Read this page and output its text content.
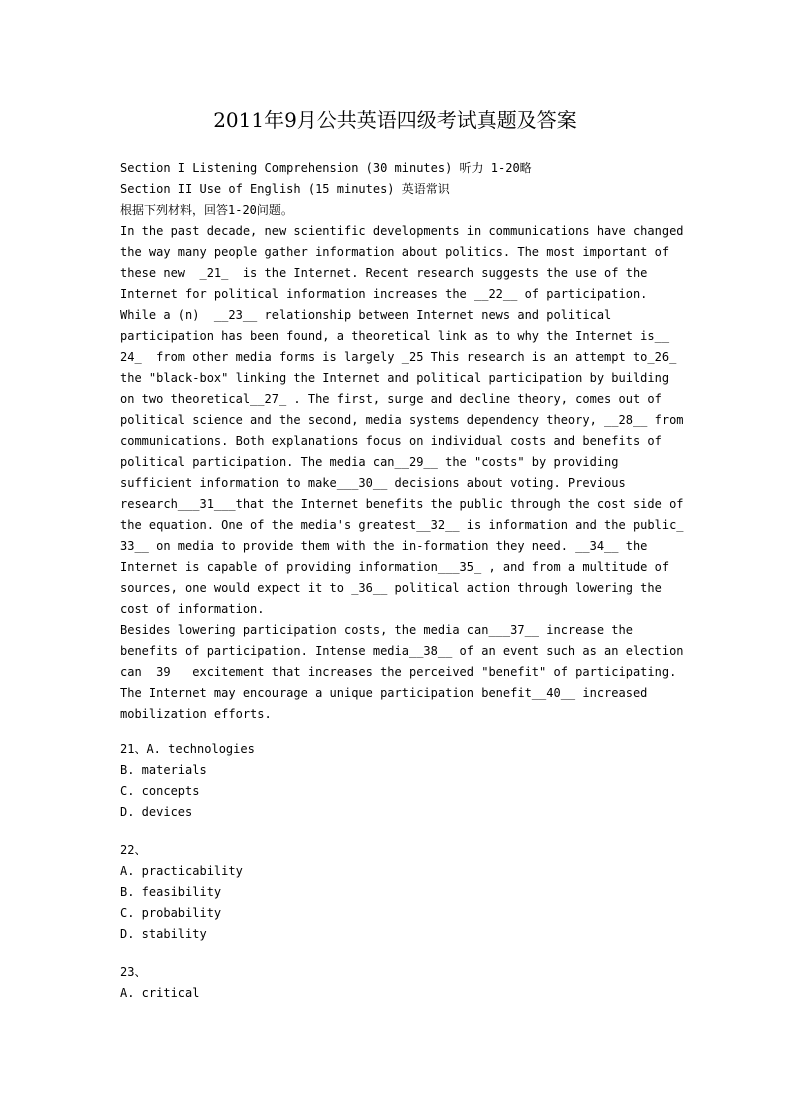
2011年9月公共英语四级考试真题及答案
Section I Listening Comprehension (30 minutes) 听力 1-20略
Section II Use of English (15 minutes) 英语常识
根据下列材料，回答1-20问题。
In the past decade, new scientific developments in communications have changed
the way many people gather information about politics. The most important of
these new  _21_  is the Internet. Recent research suggests the use of the
Internet for political information increases the __22__ of participation.
While a (n)  __23__ relationship between Internet news and political
participation has been found, a theoretical link as to why the Internet is__
24_  from other media forms is largely _25 This research is an attempt to_26_
the "black-box" linking the Internet and political participation by building
on two theoretical__27_ . The first, surge and decline theory, comes out of
political science and the second, media systems dependency theory, __28__ from
communications. Both explanations focus on individual costs and benefits of
political participation. The media can__29__ the "costs" by providing
sufficient information to make___30__ decisions about voting. Previous
research___31___that the Internet benefits the public through the cost side of
the equation. One of the media's greatest__32__ is information and the public_
33__ on media to provide them with the in-formation they need. __34__ the
Internet is capable of providing information___35_ , and from a multitude of
sources, one would expect it to _36__ political action through lowering the
cost of information.
Besides lowering participation costs, the media can___37__ increase the
benefits of participation. Intense media__38__ of an event such as an election
can  39   excitement that increases the perceived "benefit" of participating.
The Internet may encourage a unique participation benefit__40__ increased
mobilization efforts.
21、A. technologies
B. materials
C. concepts
D. devices
22、
A. practicability
B. feasibility
C. probability
D. stability
23、
A. critical
